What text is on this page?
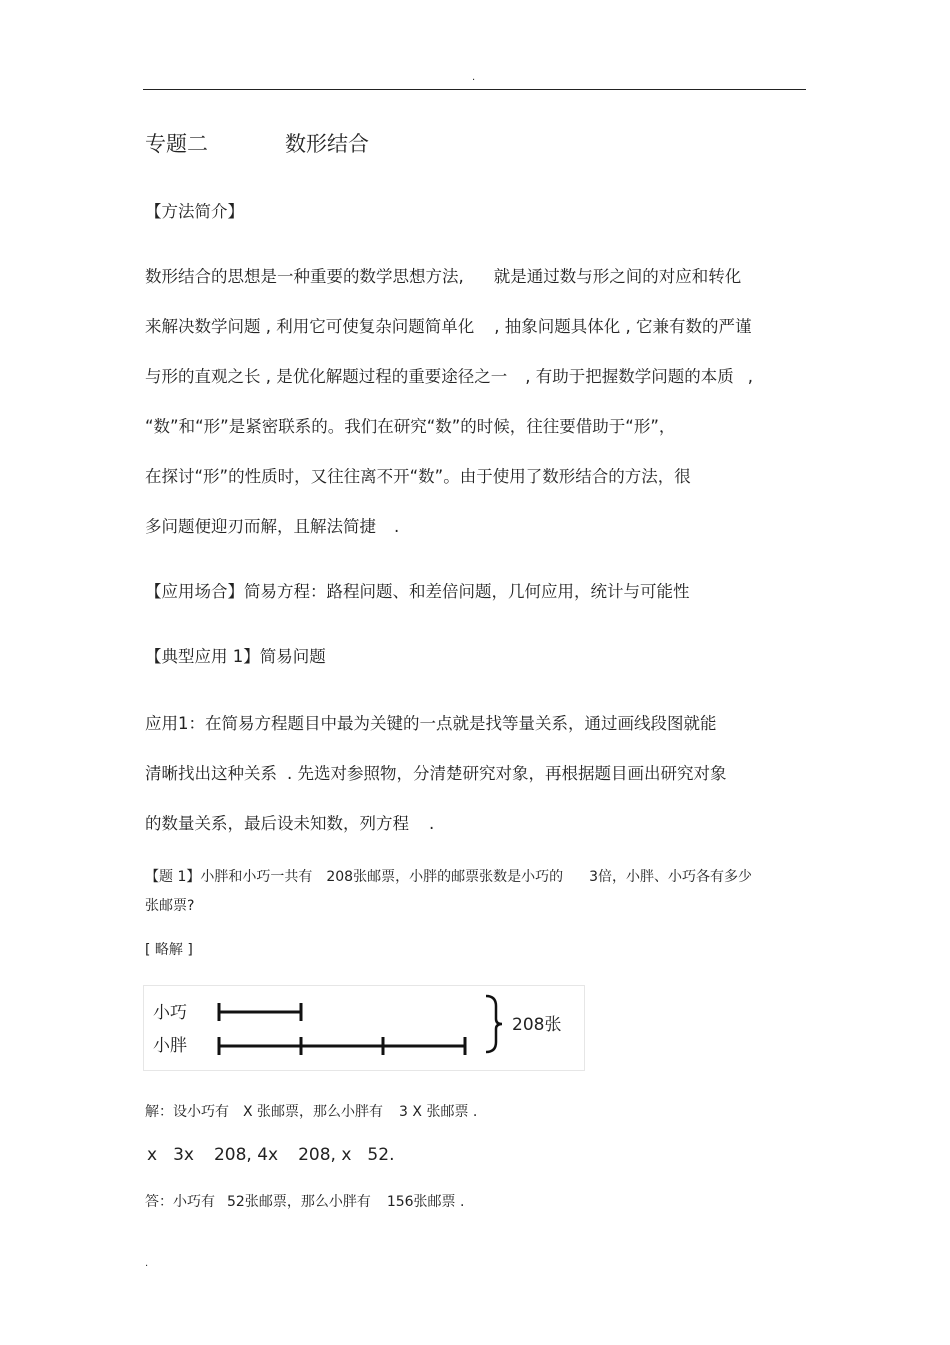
.
专题二	数形结合
【方法简介】
数形结合的思想是一种重要的数学思想方法, 就是通过数与形之间的对应和转化
来解决数学问题 , 利用它可使复杂问题简单化 , 抽象问题具体化 , 它兼有数的严谨
与形的直观之长 , 是优化解题过程的重要途径之一 , 有助于把握数学问题的本质 ,
“数”和“形”是紧密联系的。我们在研究“数”的时候，往往要借助于“形”，
在探讨“形”的性质时，又往往离不开“数”。由于使用了数形结合的方法，很
多问题便迎刃而解，且解法简捷 .
【应用场合】简易方程：路程问题、和差倍问题，几何应用，统计与可能性
【典型应用 1】简易问题
应用1：在简易方程题目中最为关键的一点就是找等量关系，通过画线段图就能
清晰找出这种关系 . 先选对参照物，分清楚研究对象，再根据题目画出研究对象
的数量关系，最后设未知数，列方程 .
【题 1】小胖和小巧一共有 208张邮票，小胖的邮票张数是小巧的 3倍，小胖、小巧各有多少
张邮票?
[ 略解 ]
小巧
小胖
208张
解：设小巧有 X 张邮票，那么小胖有 3 X 张邮票 .
x 3x 208, 4x 208, x 52.
答：小巧有 52张邮票，那么小胖有 156张邮票 .
.
